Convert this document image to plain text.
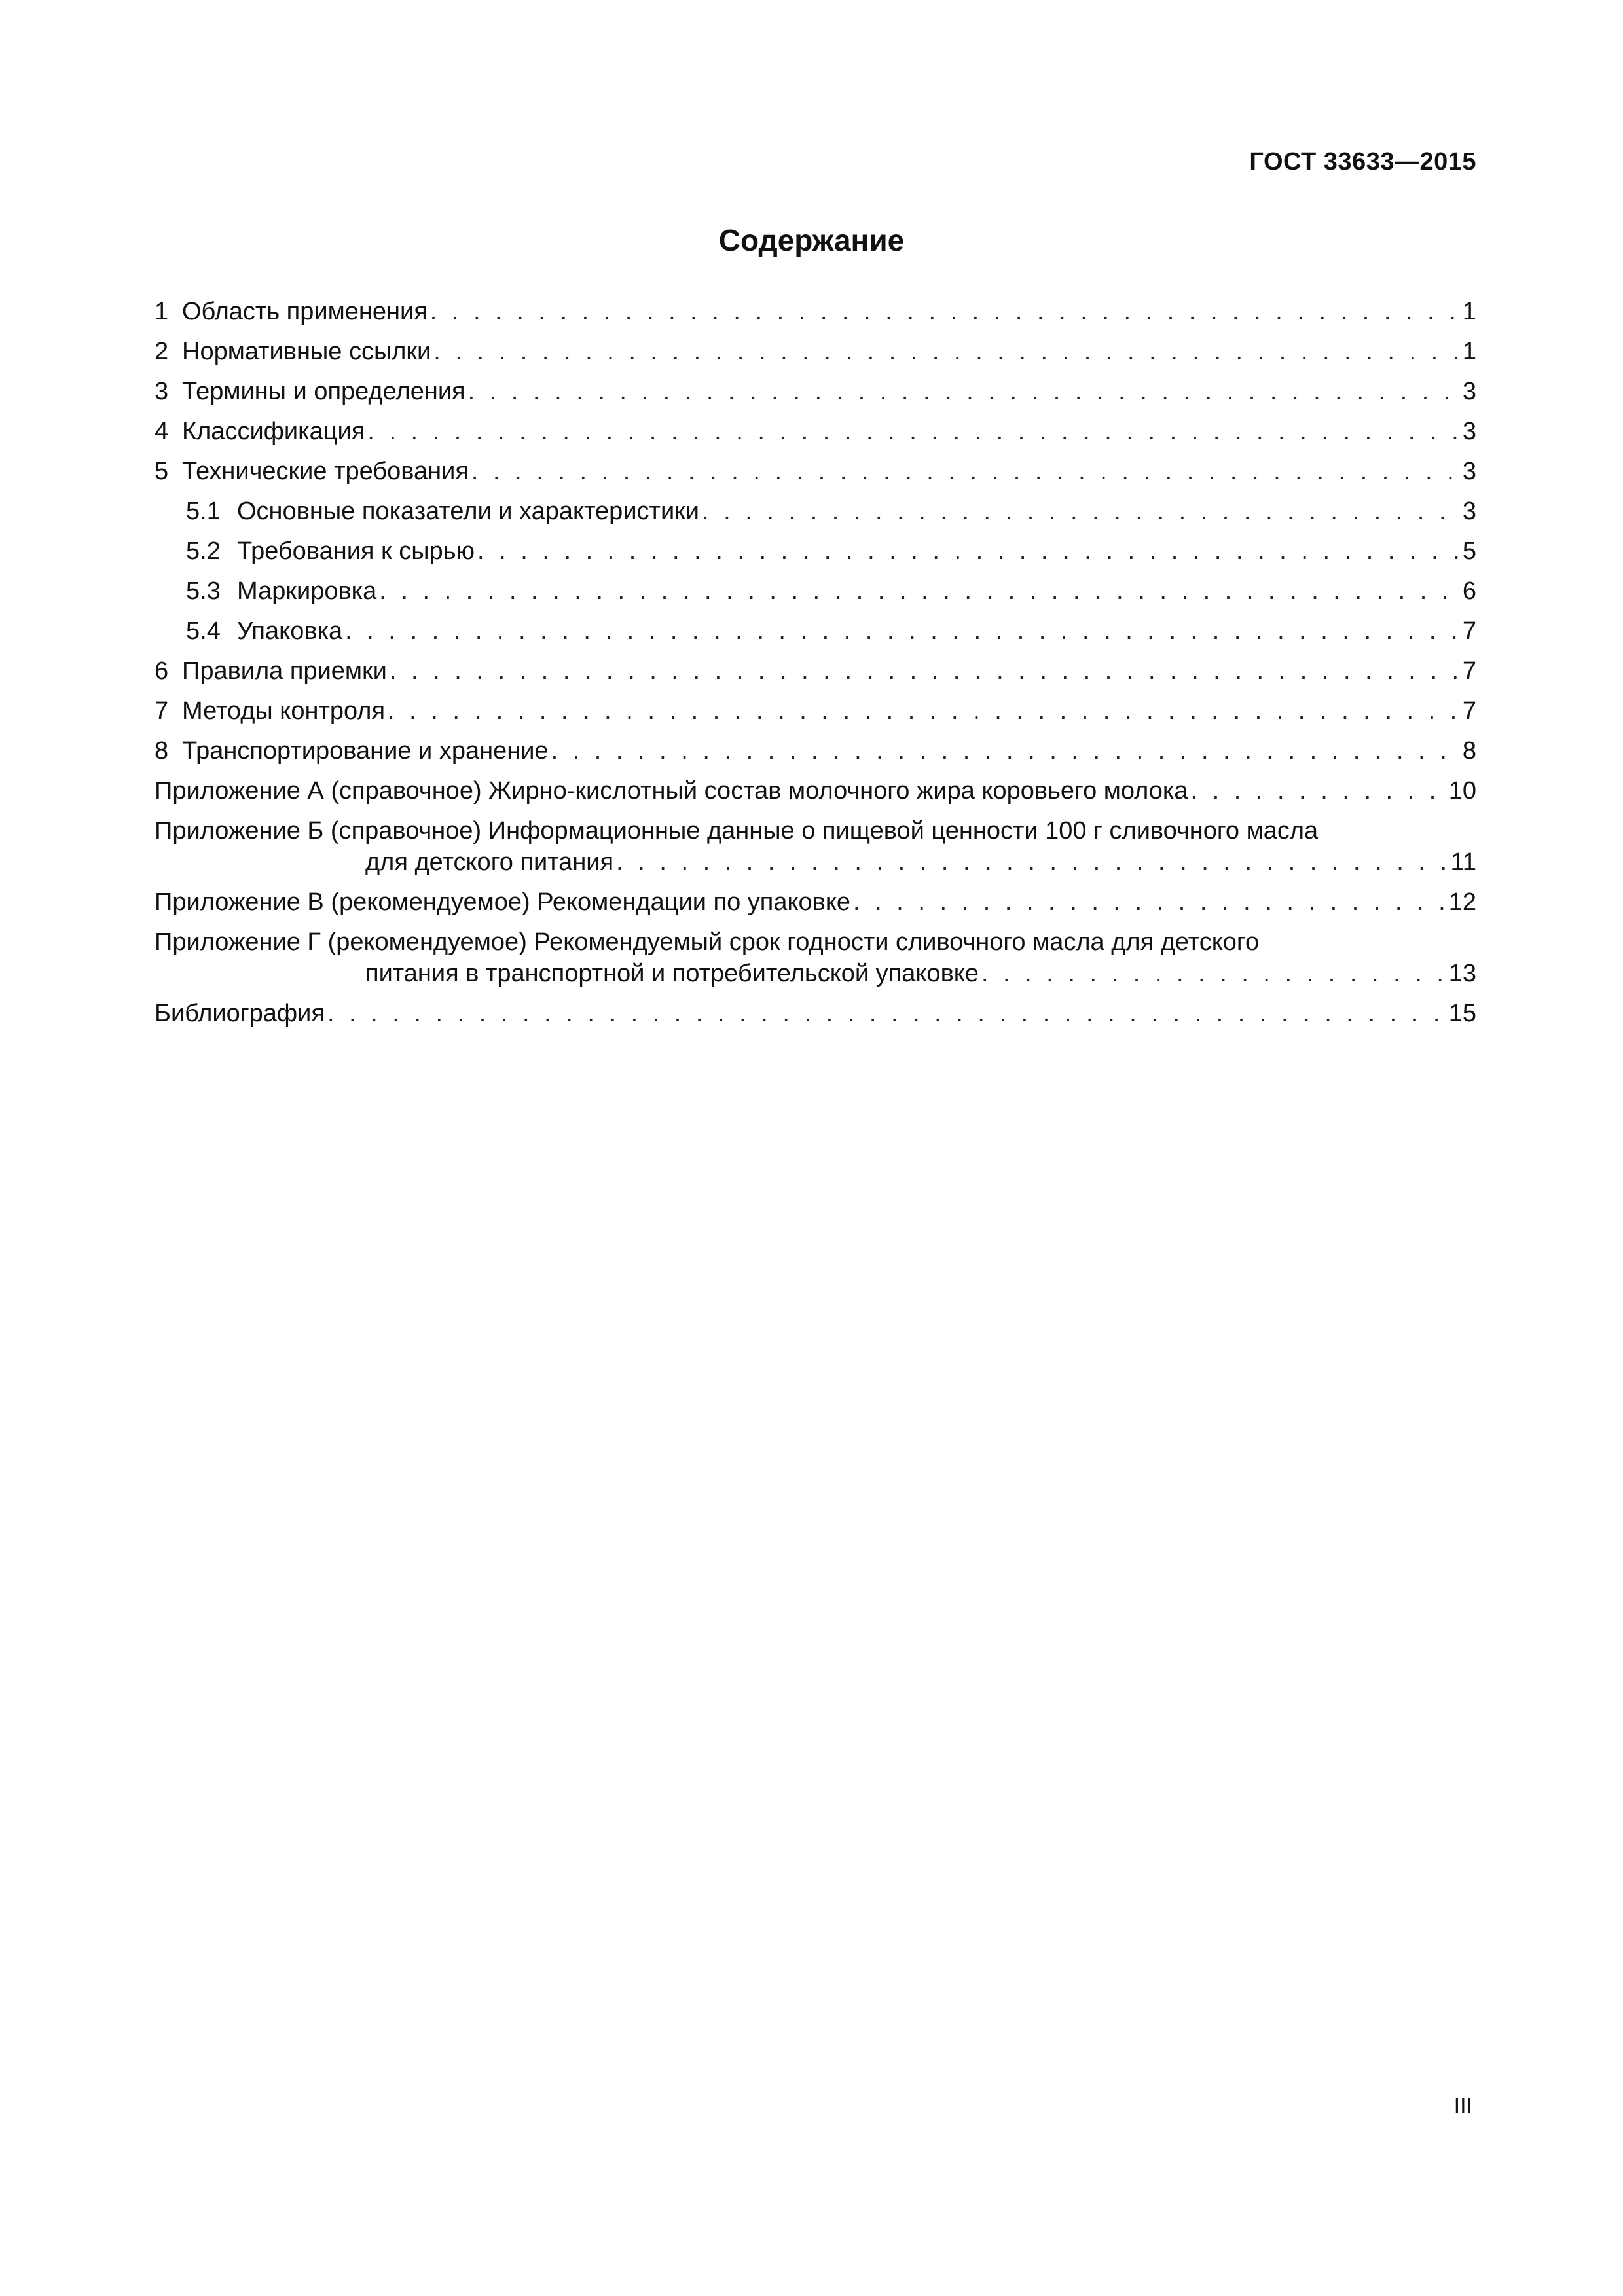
ГОСТ 33633—2015
Содержание
1 Область применения . . .	1
2 Нормативные ссылки . . .	1
3 Термины и определения . . .	3
4 Классификация . . .	3
5 Технические требования . . .	3
5.1 Основные показатели и характеристики . . .	3
5.2 Требования к сырью . . .	5
5.3 Маркировка . . .	6
5.4 Упаковка . . .	7
6 Правила приемки . . .	7
7 Методы контроля . . .	7
8 Транспортирование и хранение . . .	8
Приложение А (справочное) Жирно-кислотный состав молочного жира коровьего молока . . .	10
Приложение Б (справочное) Информационные данные о пищевой ценности 100 г сливочного масла
для детского питания . . .	11
Приложение В (рекомендуемое) Рекомендации по упаковке . . .	12
Приложение Г (рекомендуемое) Рекомендуемый срок годности сливочного масла для детского
питания в транспортной и потребительской упаковке . . .	13
Библиография . . .	15
III
